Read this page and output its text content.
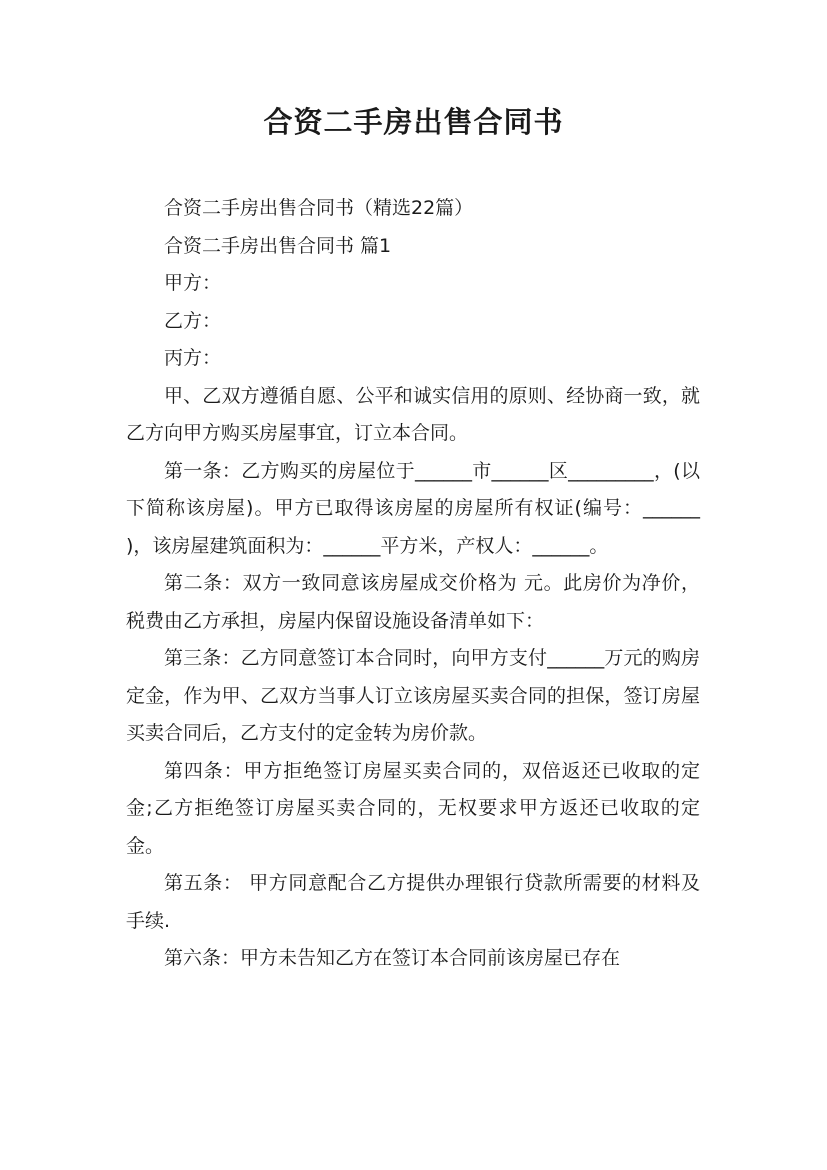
合资二手房出售合同书

合资二手房出售合同书（精选22篇）

合资二手房出售合同书 篇1

甲方：

乙方：

丙方：

甲、乙双方遵循自愿、公平和诚实信用的原则、经协商一致，就乙方向甲方购买房屋事宜，订立本合同。

第一条：乙方购买的房屋位于______市______区_________，(以下简称该房屋)。甲方已取得该房屋的房屋所有权证(编号：______ )，该房屋建筑面积为：______平方米，产权人：______。

第二条：双方一致同意该房屋成交价格为 元。此房价为净价，税费由乙方承担，房屋内保留设施设备清单如下：

第三条：乙方同意签订本合同时，向甲方支付______万元的购房定金，作为甲、乙双方当事人订立该房屋买卖合同的担保，签订房屋买卖合同后，乙方支付的定金转为房价款。

第四条：甲方拒绝签订房屋买卖合同的，双倍返还已收取的定金;乙方拒绝签订房屋买卖合同的，无权要求甲方返还已收取的定金。

第五条： 甲方同意配合乙方提供办理银行贷款所需要的材料及手续.

第六条：甲方未告知乙方在签订本合同前该房屋已存在
